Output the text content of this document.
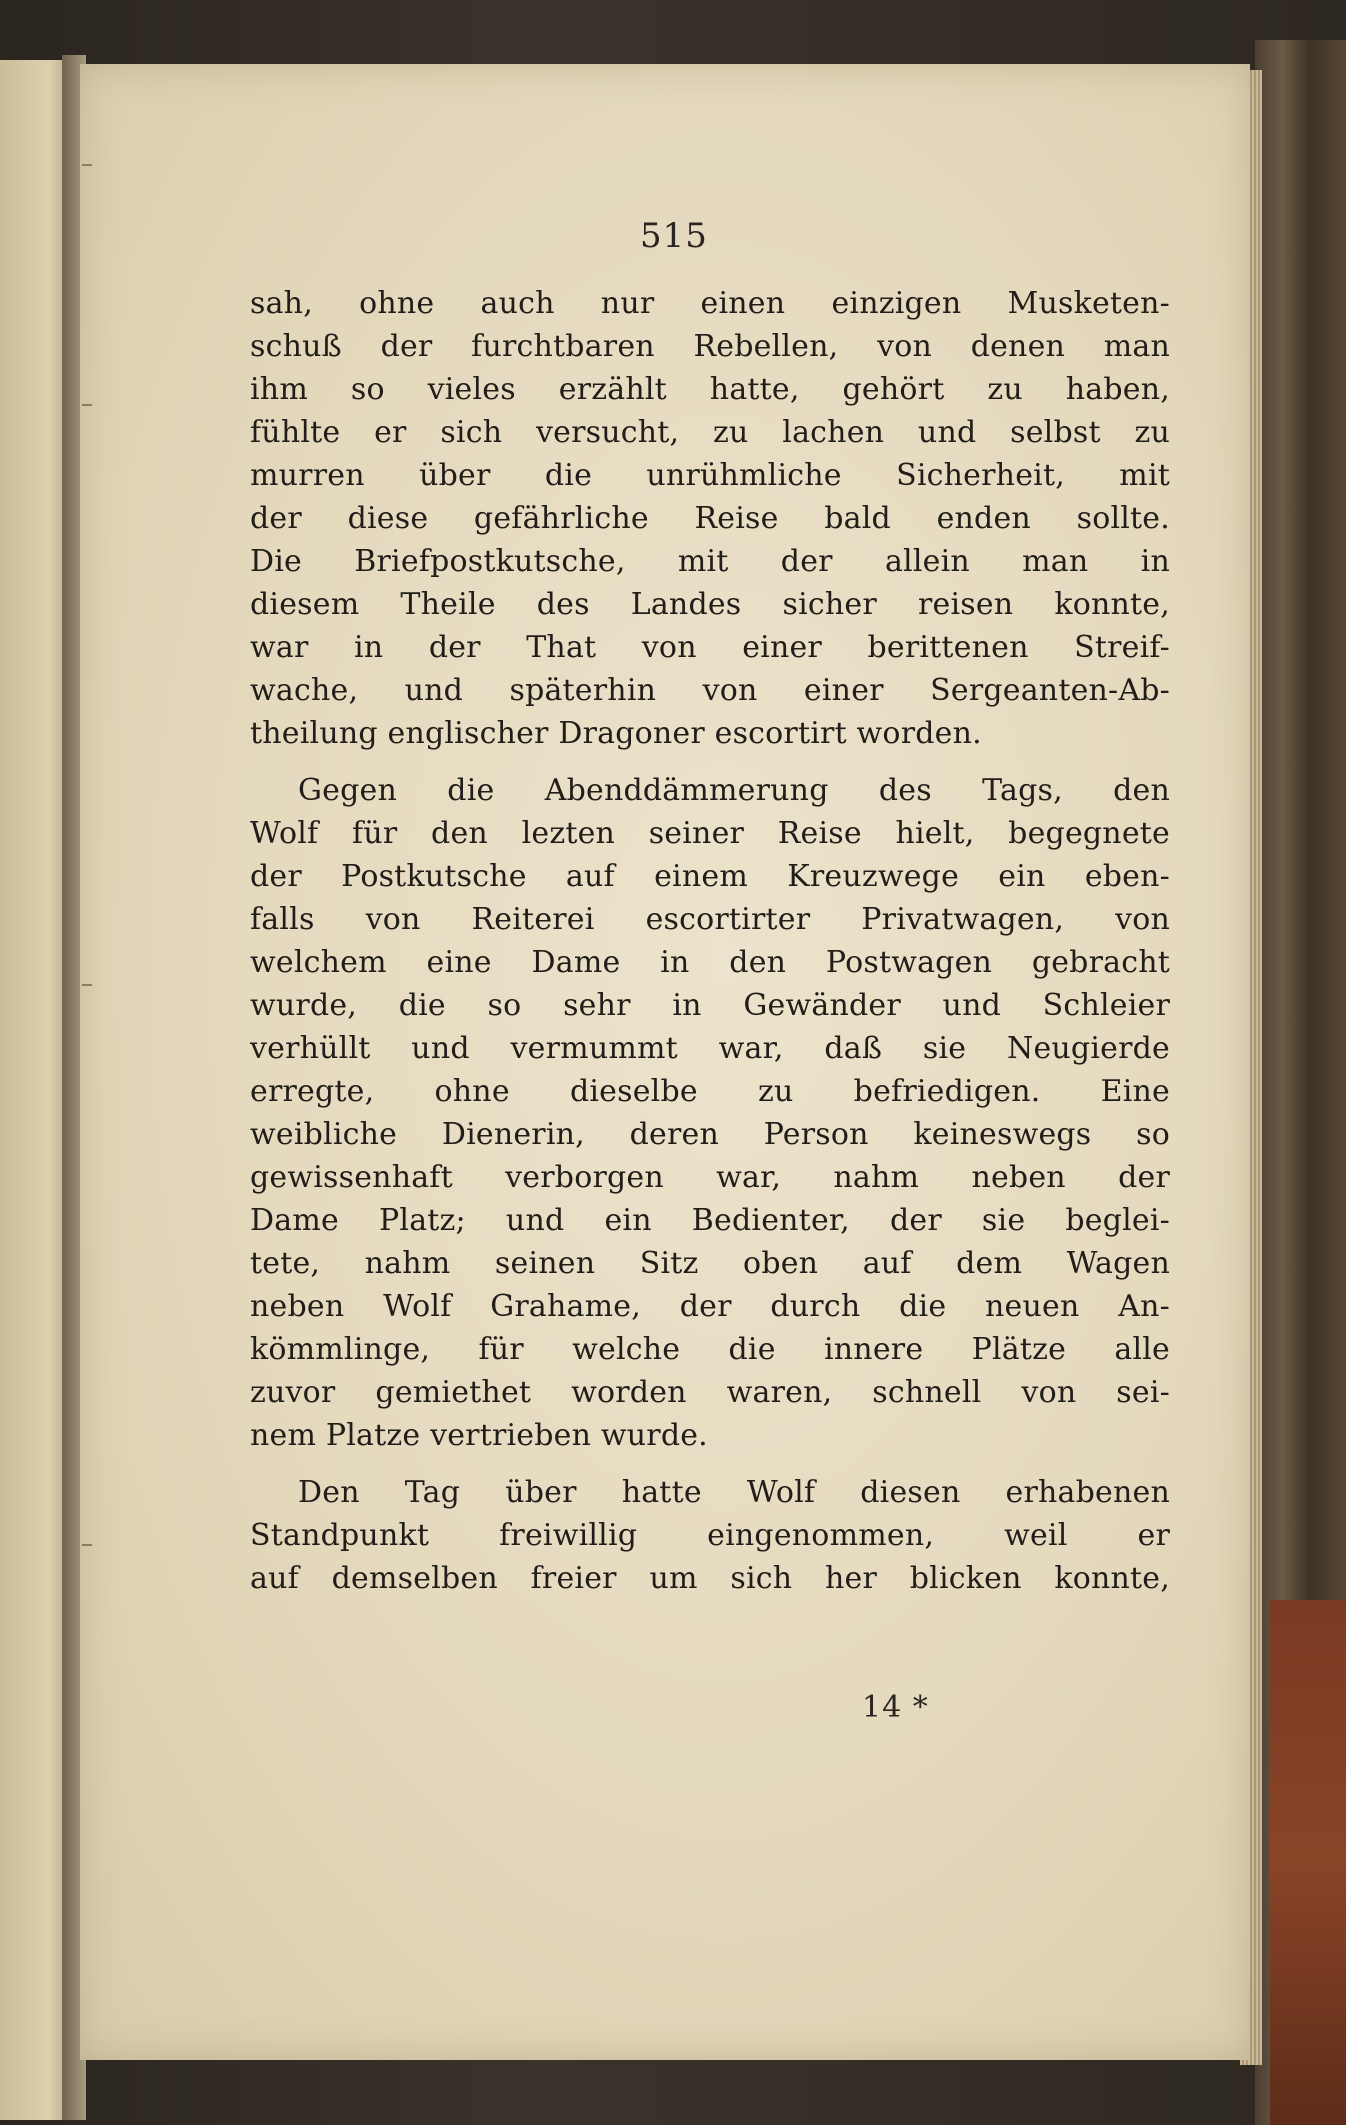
515
sah, ohne auch nur einen einzigen Musketen-
schuß der furchtbaren Rebellen, von denen man
ihm so vieles erzählt hatte, gehört zu haben,
fühlte er sich versucht, zu lachen und selbst zu
murren über die unrühmliche Sicherheit, mit
der diese gefährliche Reise bald enden sollte.
Die Briefpostkutsche, mit der allein man in
diesem Theile des Landes sicher reisen konnte,
war in der That von einer berittenen Streif-
wache, und späterhin von einer Sergeanten-Ab-
theilung englischer Dragoner escortirt worden.
Gegen die Abenddämmerung des Tags, den
Wolf für den lezten seiner Reise hielt, begegnete
der Postkutsche auf einem Kreuzwege ein eben-
falls von Reiterei escortirter Privatwagen, von
welchem eine Dame in den Postwagen gebracht
wurde, die so sehr in Gewänder und Schleier
verhüllt und vermummt war, daß sie Neugierde
erregte, ohne dieselbe zu befriedigen. Eine
weibliche Dienerin, deren Person keineswegs so
gewissenhaft verborgen war, nahm neben der
Dame Platz; und ein Bedienter, der sie beglei-
tete, nahm seinen Sitz oben auf dem Wagen
neben Wolf Grahame, der durch die neuen An-
kömmlinge, für welche die innere Plätze alle
zuvor gemiethet worden waren, schnell von sei-
nem Platze vertrieben wurde.
Den Tag über hatte Wolf diesen erhabenen
Standpunkt freiwillig eingenommen, weil er
auf demselben freier um sich her blicken konnte,
14 *
